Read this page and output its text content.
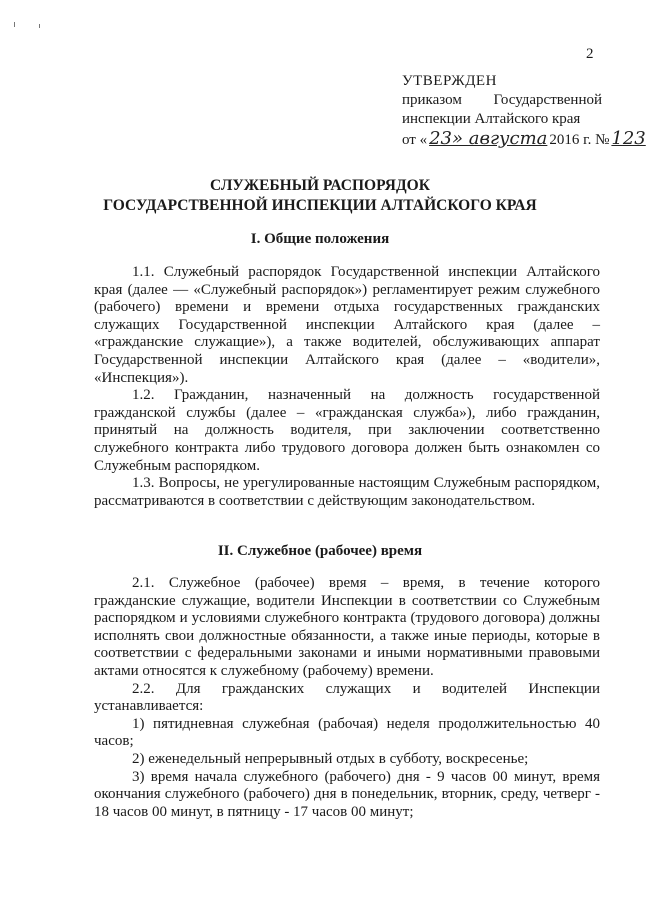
2
УТВЕРЖДЕН
приказом Государственной
инспекции Алтайского края
от « 23» августа 2016 г. № 123
СЛУЖЕБНЫЙ РАСПОРЯДОК
ГОСУДАРСТВЕННОЙ ИНСПЕКЦИИ АЛТАЙСКОГО КРАЯ
I. Общие положения

1.1. Служебный распорядок Государственной инспекции Алтайского края (далее — «Служебный распорядок») регламентирует режим служебного (рабочего) времени и времени отдыха государственных гражданских служащих Государственной инспекции Алтайского края (далее – «гражданские служащие»), а также водителей, обслуживающих аппарат Государственной инспекции Алтайского края (далее – «водители», «Инспекция»).

1.2. Гражданин, назначенный на должность государственной гражданской службы (далее – «гражданская служба»), либо гражданин, принятый на должность водителя, при заключении соответственно служебного контракта либо трудового договора должен быть ознакомлен со Служебным распорядком.

1.3. Вопросы, не урегулированные настоящим Служебным распорядком, рассматриваются в соответствии с действующим законодательством.

II. Служебное (рабочее) время

2.1. Служебное (рабочее) время – время, в течение которого гражданские служащие, водители Инспекции в соответствии со Служебным распорядком и условиями служебного контракта (трудового договора) должны исполнять свои должностные обязанности, а также иные периоды, которые в соответствии с федеральными законами и иными нормативными правовыми актами относятся к служебному (рабочему) времени.

2.2. Для гражданских служащих и водителей Инспекции устанавливается:

1) пятидневная служебная (рабочая) неделя продолжительностью 40 часов;

2) еженедельный непрерывный отдых в субботу, воскресенье;

3) время начала служебного (рабочего) дня - 9 часов 00 минут, время окончания служебного (рабочего) дня в понедельник, вторник, среду, четверг - 18 часов 00 минут, в пятницу - 17 часов 00 минут;
